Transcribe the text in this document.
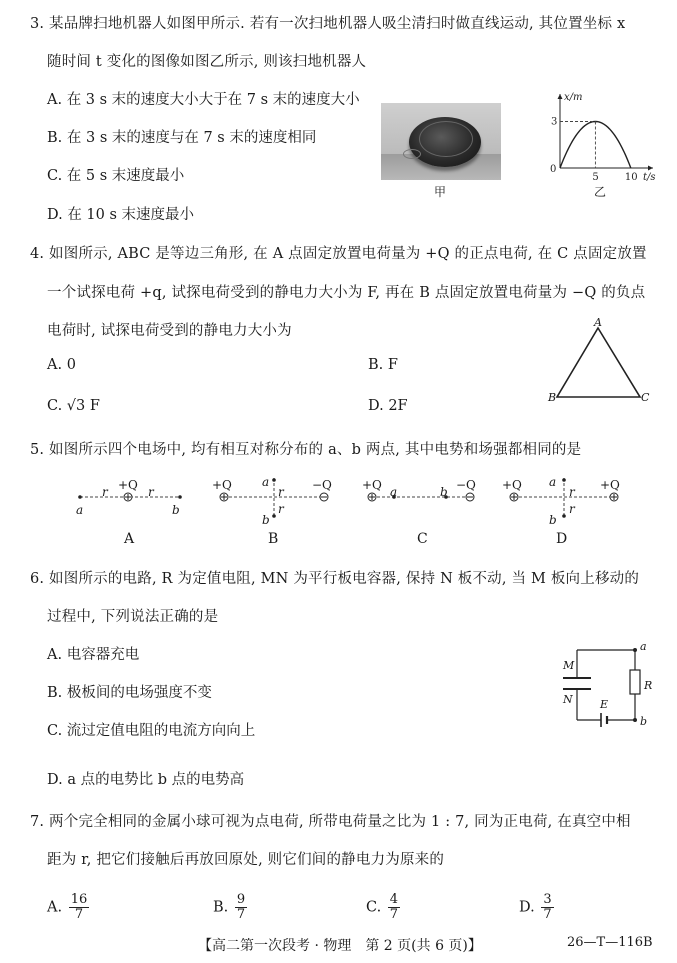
3. 某品牌扫地机器人如图甲所示. 若有一次扫地机器人吸尘清扫时做直线运动, 其位置坐标 x
随时间 t 变化的图像如图乙所示, 则该扫地机器人
A. 在 3 s 末的速度大小大于在 7 s 末的速度大小
B. 在 3 s 末的速度与在 7 s 末的速度相同
C. 在 5 s 末速度最小
D. 在 10 s 末速度最小
甲
x/m
t/s
3
0
5	10
乙
4. 如图所示, ABC 是等边三角形, 在 A 点固定放置电荷量为 +Q 的正点电荷, 在 C 点固定放置
一个试探电荷 +q, 试探电荷受到的静电力大小为 F, 再在 B 点固定放置电荷量为 −Q 的负点
电荷时, 试探电荷受到的静电力大小为
A. 0	B. F
C. √3 F	D. 2F
A
B	C
5. 如图所示四个电场中, 均有相互对称分布的 a、b 两点, 其中电势和场强都相同的是
+Q
r	r
a	b
A
+Q	−Q
a
r
r
b
B
+Q	−Q
a	b
C
+Q	+Q
a
r
r
b
D
6. 如图所示的电路, R 为定值电阻, MN 为平行板电容器, 保持 N 板不动, 当 M 板向上移动的
过程中, 下列说法正确的是
A. 电容器充电
B. 极板间的电场强度不变
C. 流过定值电阻的电流方向向上
D. a 点的电势比 b 点的电势高
M
N E
R
a
b
7. 两个完全相同的金属小球可视为点电荷, 所带电荷量之比为 1 : 7, 同为正电荷, 在真空中相
距为 r, 把它们接触后再放回原处, 则它们间的静电力为原来的
A. $\frac{16}{7}$	B. $\frac{9}{7}$	C. $\frac{4}{7}$	D. $\frac{3}{7}$
【高二第一次段考 · 物理　第 2 页(共 6 页)】	26—T—116B
